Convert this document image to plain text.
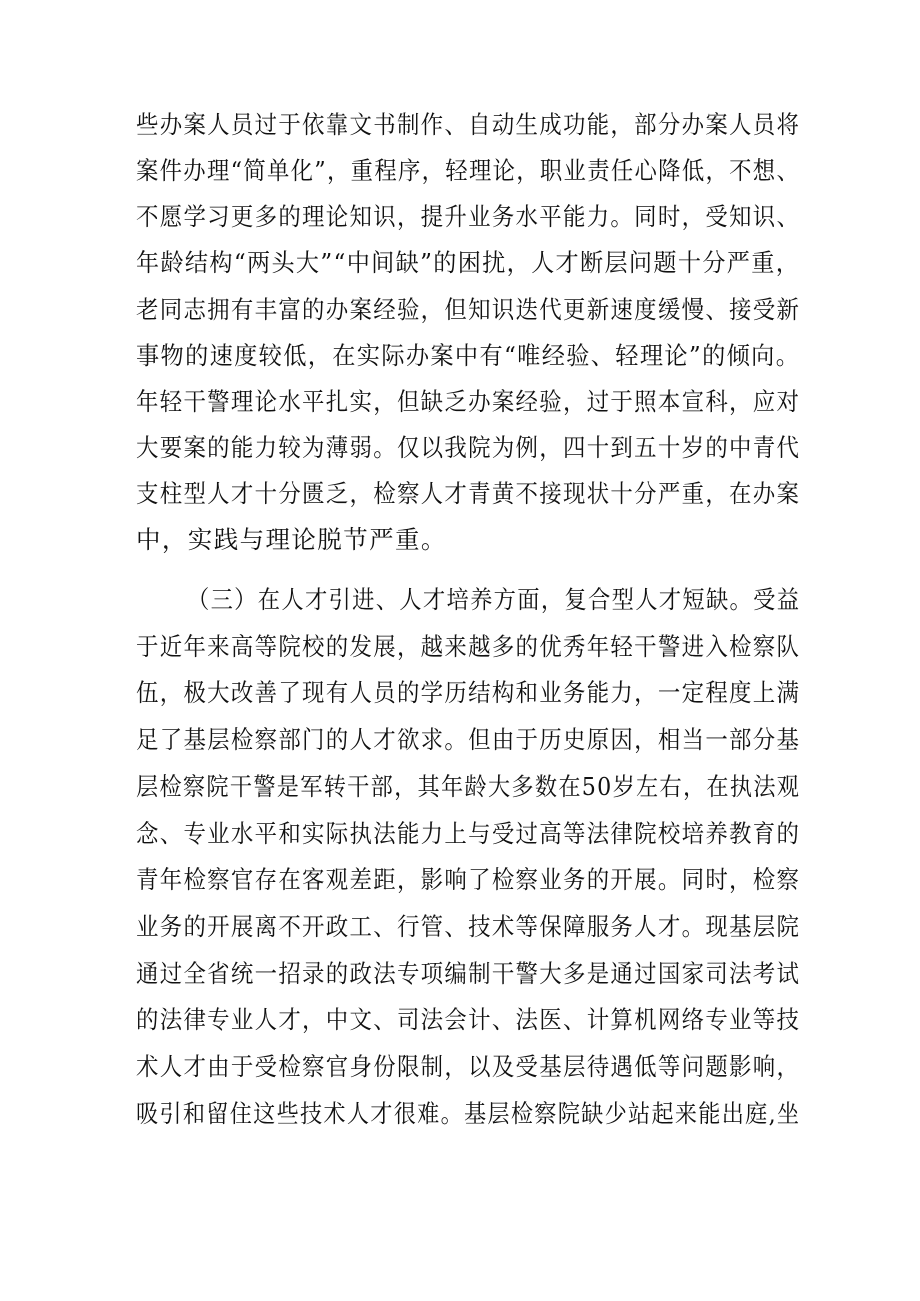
些办案人员过于依靠文书制作、自动生成功能，部分办案人员将
案件办理“简单化”，重程序，轻理论，职业责任心降低，不想、
不愿学习更多的理论知识，提升业务水平能力。同时，受知识、
年龄结构“两头大”“中间缺”的困扰，人才断层问题十分严重，
老同志拥有丰富的办案经验，但知识迭代更新速度缓慢、接受新
事物的速度较低，在实际办案中有“唯经验、轻理论”的倾向。
年轻干警理论水平扎实，但缺乏办案经验，过于照本宣科，应对
大要案的能力较为薄弱。仅以我院为例，四十到五十岁的中青代
支柱型人才十分匮乏，检察人才青黄不接现状十分严重，在办案
中，实践与理论脱节严重。
（三）在人才引进、人才培养方面，复合型人才短缺。受益
于近年来高等院校的发展，越来越多的优秀年轻干警进入检察队
伍，极大改善了现有人员的学历结构和业务能力，一定程度上满
足了基层检察部门的人才欲求。但由于历史原因，相当一部分基
层检察院干警是军转干部，其年龄大多数在50岁左右，在执法观
念、专业水平和实际执法能力上与受过高等法律院校培养教育的
青年检察官存在客观差距，影响了检察业务的开展。同时，检察
业务的开展离不开政工、行管、技术等保障服务人才。现基层院
通过全省统一招录的政法专项编制干警大多是通过国家司法考试
的法律专业人才，中文、司法会计、法医、计算机网络专业等技
术人才由于受检察官身份限制，以及受基层待遇低等问题影响，
吸引和留住这些技术人才很难。基层检察院缺少站起来能出庭,坐
